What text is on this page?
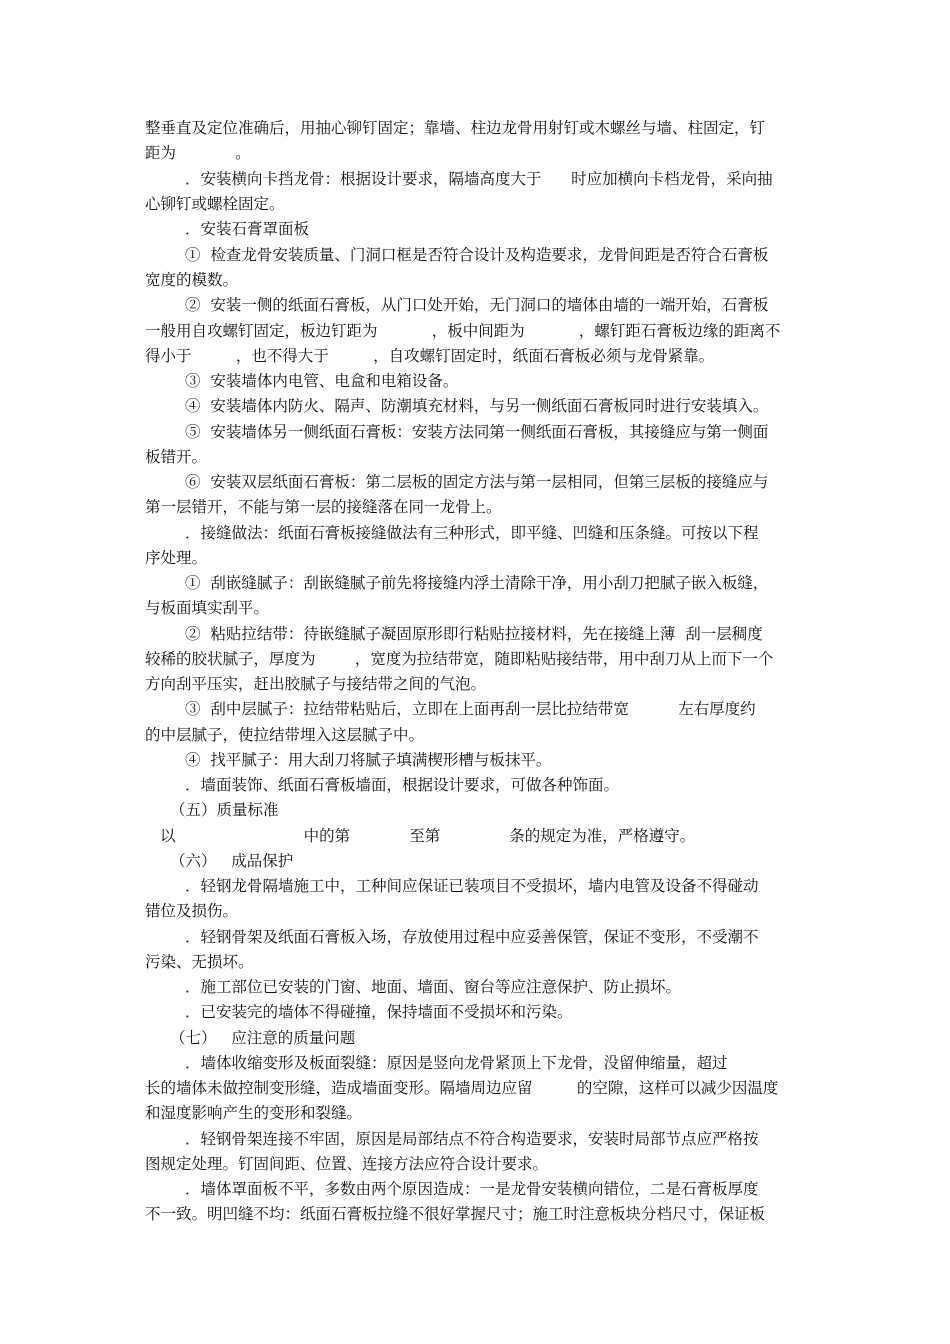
整垂直及定位准确后，用抽心铆钉固定；靠墙、柱边龙骨用射钉或木螺丝与墙、柱固定，钉
距为            。
．安装横向卡挡龙骨：根据设计要求，隔墙高度大于      时应加横向卡档龙骨，采向抽
心铆钉或螺栓固定。
．安装石膏罩面板
①  检查龙骨安装质量、门洞口框是否符合设计及构造要求，龙骨间距是否符合石膏板
宽度的模数。
②  安装一侧的纸面石膏板，从门口处开始，无门洞口的墙体由墙的一端开始，石膏板
一般用自攻螺钉固定，板边钉距为           ，板中间距为           ，螺钉距石膏板边缘的距离不
得小于         ，也不得大于         ，自攻螺钉固定时，纸面石膏板必须与龙骨紧靠。
③  安装墙体内电管、电盒和电箱设备。
④  安装墙体内防火、隔声、防潮填充材料，与另一侧纸面石膏板同时进行安装填入。
⑤  安装墙体另一侧纸面石膏板：安装方法同第一侧纸面石膏板，其接缝应与第一侧面
板错开。
⑥  安装双层纸面石膏板：第二层板的固定方法与第一层相同，但第三层板的接缝应与
第一层错开，不能与第一层的接缝落在同一龙骨上。
．接缝做法：纸面石膏板接缝做法有三种形式，即平缝、凹缝和压条缝。可按以下程
序处理。
①  刮嵌缝腻子：刮嵌缝腻子前先将接缝内浮土清除干净，用小刮刀把腻子嵌入板缝，
与板面填实刮平。
②  粘贴拉结带：待嵌缝腻子凝固原形即行粘贴拉接材料，先在接缝上薄  刮一层稠度
较稀的胶状腻子，厚度为        ，宽度为拉结带宽，随即粘贴接结带，用中刮刀从上而下一个
方向刮平压实，赶出胶腻子与接结带之间的气泡。
③  刮中层腻子：拉结带粘贴后，立即在上面再刮一层比拉结带宽          左右厚度约
的中层腻子，使拉结带埋入这层腻子中。
④  找平腻子：用大刮刀将腻子填满楔形槽与板抹平。
．墙面装饰、纸面石膏板墙面，根据设计要求，可做各种饰面。
（五）质量标准
以                          中的第            至第              条的规定为准，严格遵守。
（六）   成品保护
．轻钢龙骨隔墙施工中，工种间应保证已装项目不受损坏，墙内电管及设备不得碰动
错位及损伤。
．轻钢骨架及纸面石膏板入场，存放使用过程中应妥善保管，保证不变形，不受潮不
污染、无损坏。
．施工部位已安装的门窗、地面、墙面、窗台等应注意保护、防止损坏。
．已安装完的墙体不得碰撞，保持墙面不受损坏和污染。
（七）   应注意的质量问题
．墙体收缩变形及板面裂缝：原因是竖向龙骨紧顶上下龙骨，没留伸缩量，超过
长的墙体未做控制变形缝，造成墙面变形。隔墙周边应留         的空隙，这样可以减少因温度
和湿度影响产生的变形和裂缝。
．轻钢骨架连接不牢固，原因是局部结点不符合构造要求，安装时局部节点应严格按
图规定处理。钉固间距、位置、连接方法应符合设计要求。
．墙体罩面板不平，多数由两个原因造成：一是龙骨安装横向错位，二是石膏板厚度
不一致。明凹缝不均：纸面石膏板拉缝不很好掌握尺寸；施工时注意板块分档尺寸，保证板
